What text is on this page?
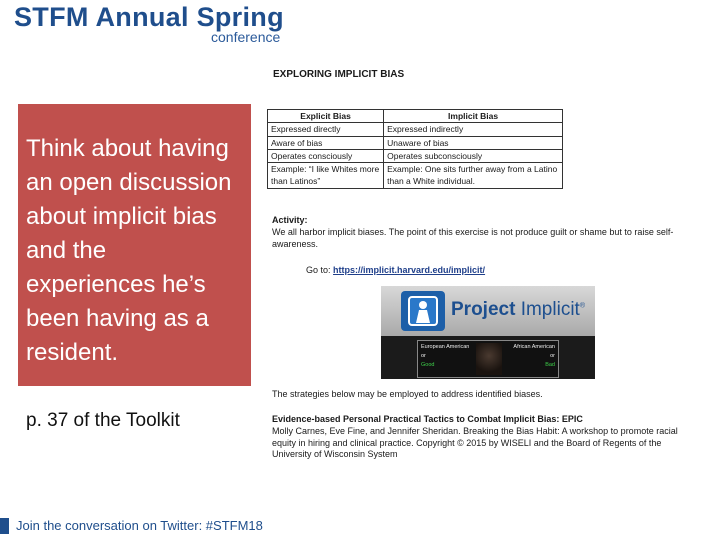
STFM Annual Spring

conference

Think about having an open discussion about implicit bias and the experiences he’s been having as a resident.

p. 37 of the Toolkit

EXPLORING IMPLICIT BIAS

Explicit Bias	Implicit Bias
Expressed directly	Expressed indirectly
Aware of bias	Unaware of bias
Operates consciously	Operates subconsciously
Example: “I like Whites more than Latinos”	Example: One sits further away from a Latino than a White individual.

Activity:

We all harbor implicit biases. The point of this exercise is not produce guilt or shame but to raise self-awareness.

Go to: https://implicit.harvard.edu/implicit/

Project Implicit®
European American	African American
or	or
Good	Bad

The strategies below may be employed to address identified biases.

Evidence-based Personal Practical Tactics to Combat Implicit Bias: EPIC

Molly Carnes, Eve Fine, and Jennifer Sheridan. Breaking the Bias Habit: A workshop to promote racial equity in hiring and clinical practice. Copyright © 2015 by WISELI and the Board of Regents of the University of Wisconsin System

Join the conversation on Twitter: #STFM18
